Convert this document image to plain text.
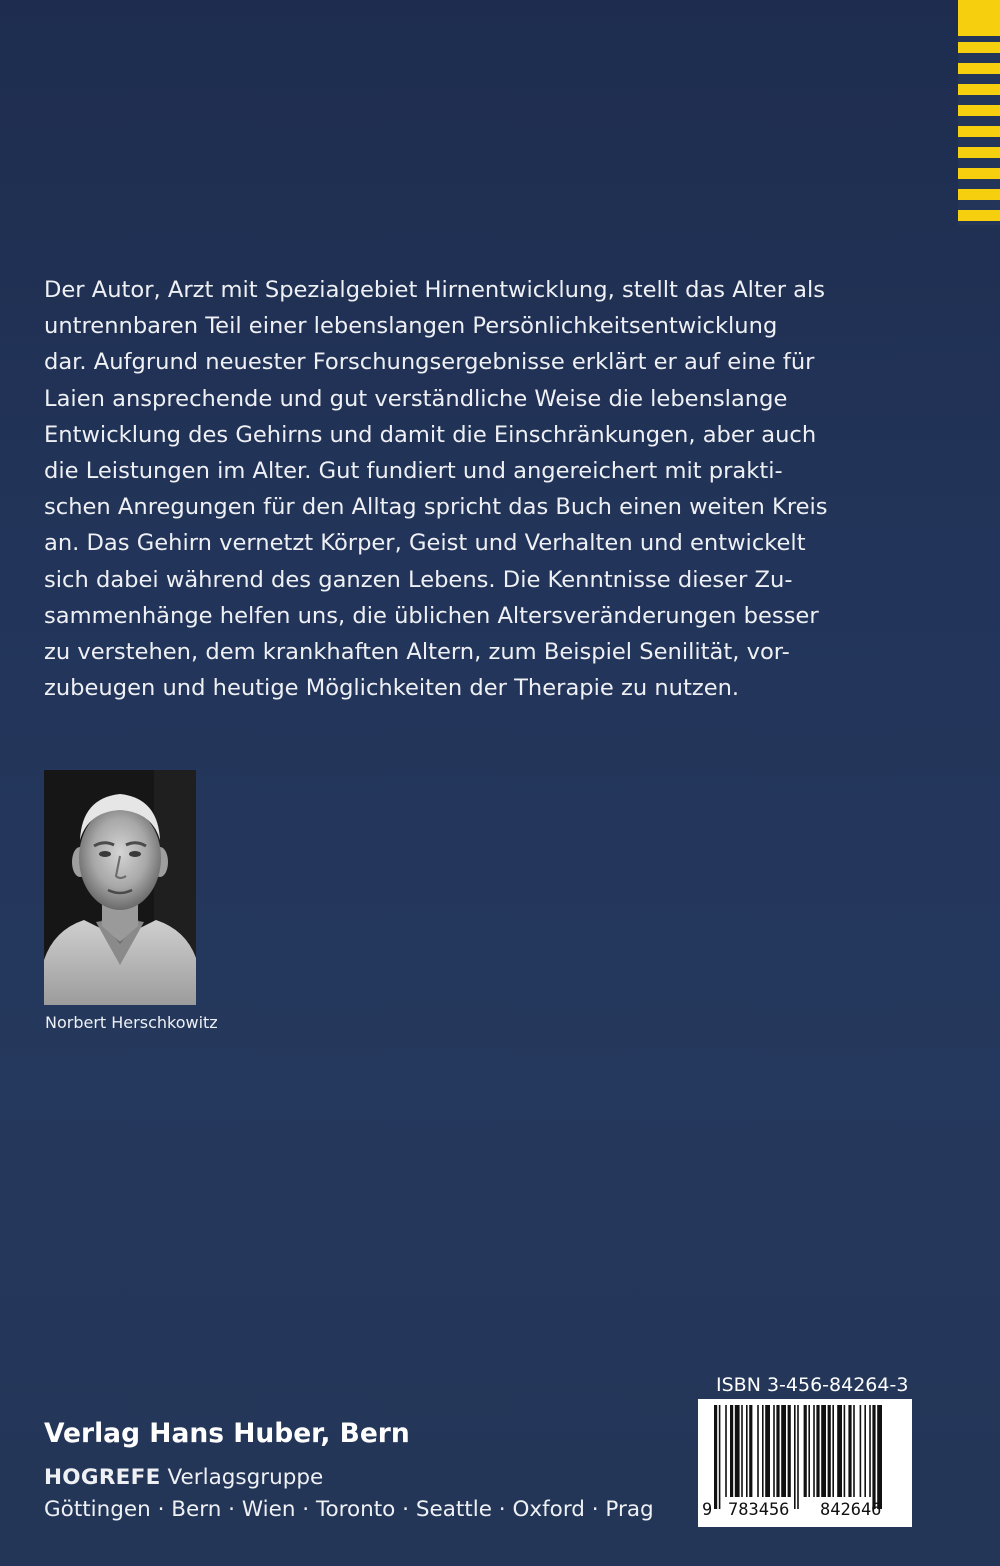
Der Autor, Arzt mit Spezialgebiet Hirnentwicklung, stellt das Alter als
untrennbaren Teil einer lebenslangen Persönlichkeitsentwicklung
dar. Aufgrund neuester Forschungsergebnisse erklärt er auf eine für
Laien ansprechende und gut verständliche Weise die lebenslange
Entwicklung des Gehirns und damit die Einschränkungen, aber auch
die Leistungen im Alter. Gut fundiert und angereichert mit prakti-
schen Anregungen für den Alltag spricht das Buch einen weiten Kreis
an. Das Gehirn vernetzt Körper, Geist und Verhalten und entwickelt
sich dabei während des ganzen Lebens. Die Kenntnisse dieser Zu-
sammenhänge helfen uns, die üblichen Altersveränderungen besser
zu verstehen, dem krankhaften Altern, zum Beispiel Senilität, vor-
zubeugen und heutige Möglichkeiten der Therapie zu nutzen.

Norbert Herschkowitz

Verlag Hans Huber, Bern

HOGREFE Verlagsgruppe

Göttingen · Bern · Wien · Toronto · Seattle · Oxford · Prag

ISBN 3-456-84264-3

9 783456 842646
